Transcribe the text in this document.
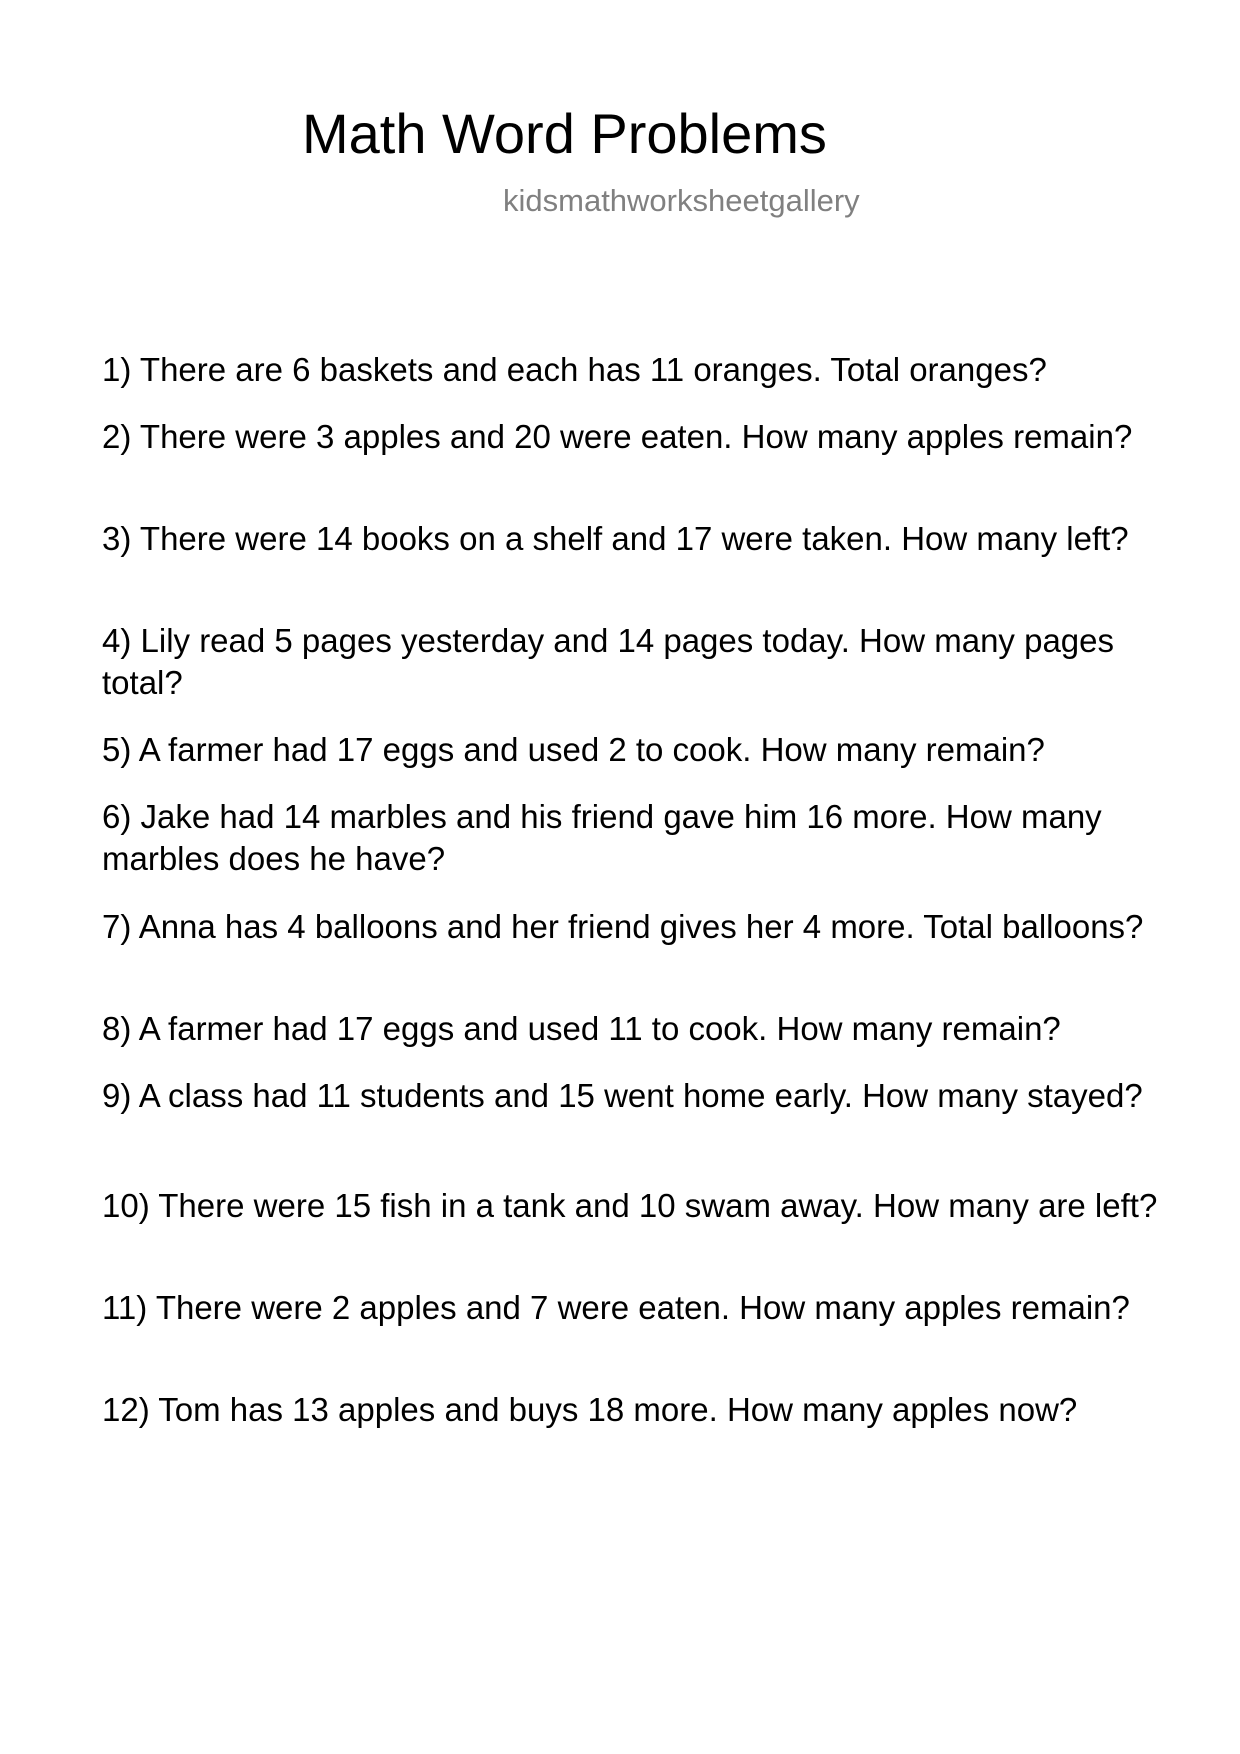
Math Word Problems

kidsmathworksheetgallery

1) There are 6 baskets and each has 11 oranges. Total oranges?

2) There were 3 apples and 20 were eaten. How many apples remain?

3) There were 14 books on a shelf and 17 were taken. How many left?

4) Lily read 5 pages yesterday and 14 pages today. How many pages total?

5) A farmer had 17 eggs and used 2 to cook. How many remain?

6) Jake had 14 marbles and his friend gave him 16 more. How many marbles does he have?

7) Anna has 4 balloons and her friend gives her 4 more. Total balloons?

8) A farmer had 17 eggs and used 11 to cook. How many remain?

9) A class had 11 students and 15 went home early. How many stayed?

10) There were 15 fish in a tank and 10 swam away. How many are left?

11) There were 2 apples and 7 were eaten. How many apples remain?

12) Tom has 13 apples and buys 18 more. How many apples now?
